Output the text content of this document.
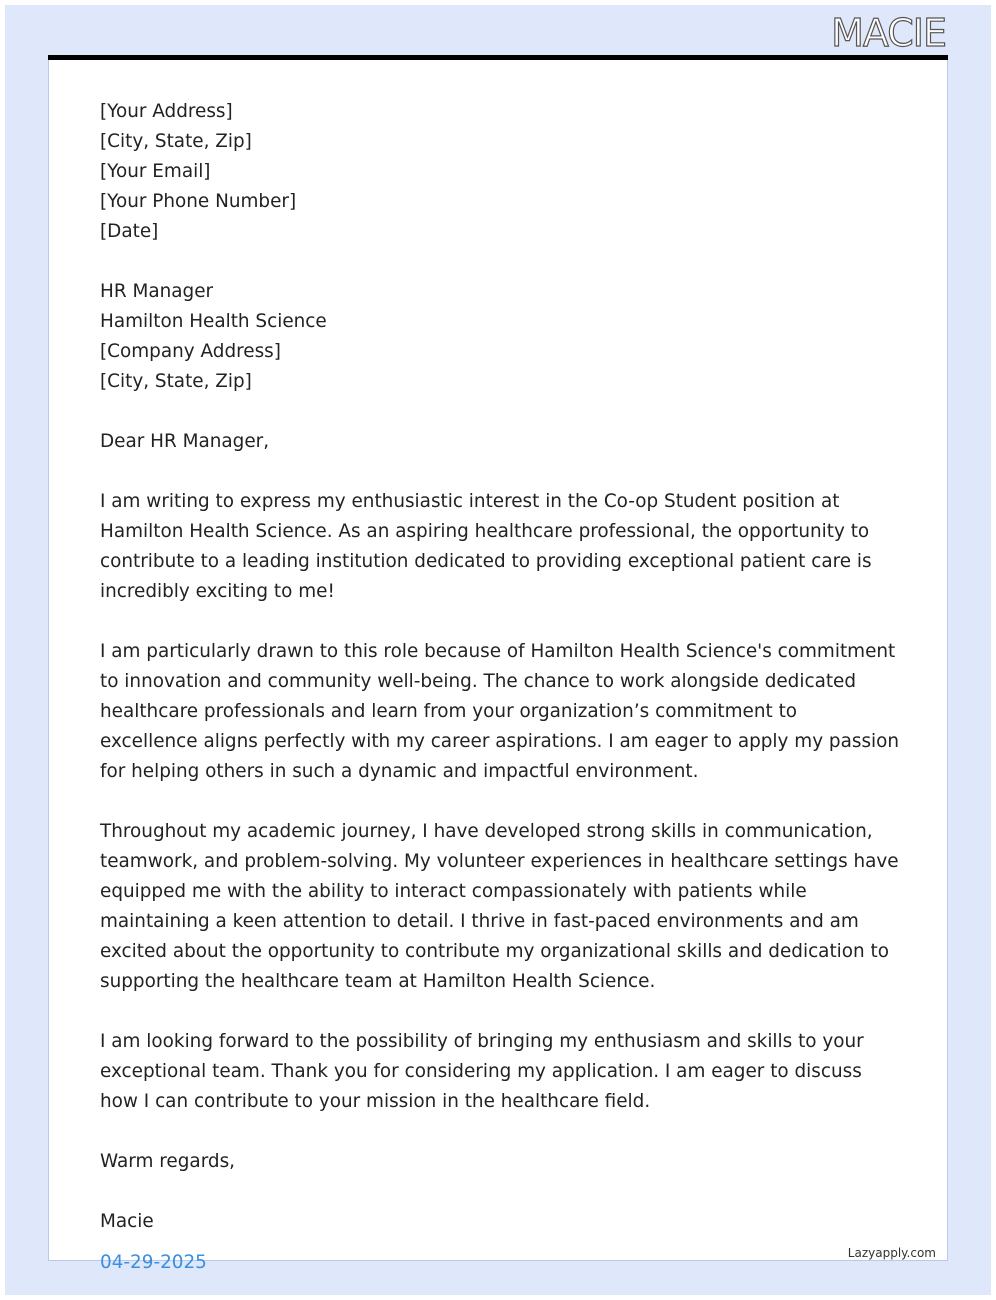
MACIE
[Your Address]
[City, State, Zip]
[Your Email]
[Your Phone Number]
[Date]
HR Manager
Hamilton Health Science
[Company Address]
[City, State, Zip]
Dear HR Manager,

I am writing to express my enthusiastic interest in the Co-op Student position at Hamilton Health Science. As an aspiring healthcare professional, the opportunity to contribute to a leading institution dedicated to providing exceptional patient care is incredibly exciting to me!

I am particularly drawn to this role because of Hamilton Health Science's commitment to innovation and community well-being. The chance to work alongside dedicated healthcare professionals and learn from your organization’s commitment to excellence aligns perfectly with my career aspirations. I am eager to apply my passion for helping others in such a dynamic and impactful environment.

Throughout my academic journey, I have developed strong skills in communication, teamwork, and problem-solving. My volunteer experiences in healthcare settings have equipped me with the ability to interact compassionately with patients while maintaining a keen attention to detail. I thrive in fast-paced environments and am excited about the opportunity to contribute my organizational skills and dedication to supporting the healthcare team at Hamilton Health Science.

I am looking forward to the possibility of bringing my enthusiasm and skills to your exceptional team. Thank you for considering my application. I am eager to discuss how I can contribute to your mission in the healthcare field.

Warm regards,
Macie
04-29-2025	Lazyapply.com
